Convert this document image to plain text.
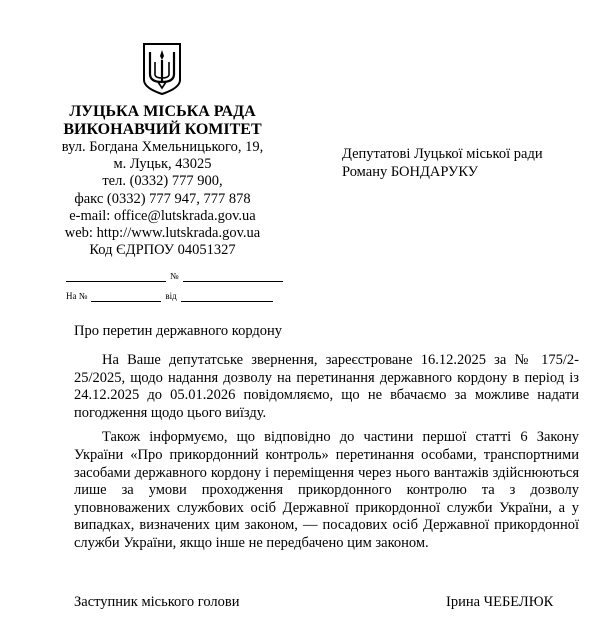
ЛУЦЬКА МІСЬКА РАДА
ВИКОНАВЧИЙ КОМІТЕТ
вул. Богдана Хмельницького, 19,
м. Луцьк, 43025
тел. (0332) 777 900,
факс (0332) 777 947, 777 878
e-mail: office@lutskrada.gov.ua
web: http://www.lutskrada.gov.ua
Код ЄДРПОУ 04051327
№
На №	від
Депутатові Луцької міської ради
Роману БОНДАРУКУ
Про перетин державного кордону

На Ваше депутатське звернення, зареєстроване 16.12.2025 за № 175/2-25/2025, щодо надання дозволу на перетинання державного кордону в період із 24.12.2025 до 05.01.2026 повідомляємо, що не вбачаємо за можливе надати погодження щодо цього виїзду.

Також інформуємо, що відповідно до частини першої статті 6 Закону України «Про прикордонний контроль» перетинання особами, транспортними засобами державного кордону і переміщення через нього вантажів здійснюються лише за умови проходження прикордонного контролю та з дозволу уповноважених службових осіб Державної прикордонної служби України, а у випадках, визначених цим законом, — посадових осіб Державної прикордонної служби України, якщо інше не передбачено цим законом.

Заступник міського голови	Ірина ЧЕБЕЛЮК
